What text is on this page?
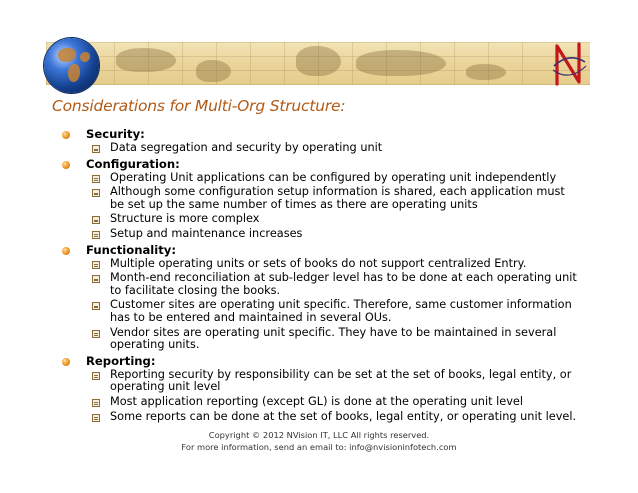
Considerations for Multi-Org Structure:
Security:
Data segregation and security by operating unit
Configuration:
Operating Unit applications can be configured by operating unit independently
Although some configuration setup information is shared, each application must be set up the same number of times as there are operating units
Structure is more complex
Setup and maintenance increases
Functionality:
Multiple operating units or sets of books do not support centralized Entry.
Month-end reconciliation at sub-ledger level has to be done at each operating unit to facilitate closing the books.
Customer sites are operating unit specific. Therefore, same customer information has to be entered and maintained in several OUs.
Vendor sites are operating unit specific. They have to be maintained in several operating units.
Reporting:
Reporting security by responsibility can be set at the set of books, legal entity, or operating unit level
Most application reporting (except GL) is done at the operating unit level
Some reports can be done at the set of books, legal entity, or operating unit level.
Copyright © 2012 NVision IT, LLC All rights reserved.
For more information, send an email to: info@nvisioninfotech.com
